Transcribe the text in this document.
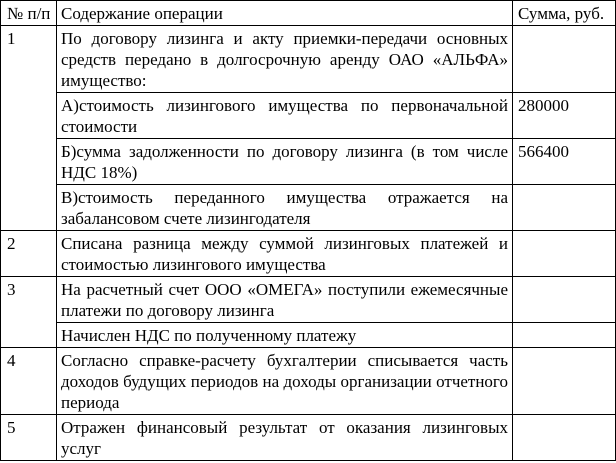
№ п/п	Содержание операции	Сумма, руб.
1	По договору лизинга и акту приемки-передачи основных средств передано в долгосрочную аренду ОАО «АЛЬФА» имущество:	
	А)стоимость лизингового имущества по первоначальной стоимости	280000
	Б)сумма задолженности по договору лизинга (в том числе НДС 18%)	566400
	В)стоимость переданного имущества отражается на забалансовом счете лизингодателя	
2	Списана разница между суммой лизинговых платежей и стоимостью лизингового имущества	
3	На расчетный счет ООО «ОМЕГА» поступили ежемесячные платежи по договору лизинга	
	Начислен НДС по полученному платежу	
4	Согласно справке-расчету бухгалтерии списывается часть доходов будущих периодов на доходы организации отчетного периода	
5	Отражен финансовый результат от оказания лизинговых услуг	
